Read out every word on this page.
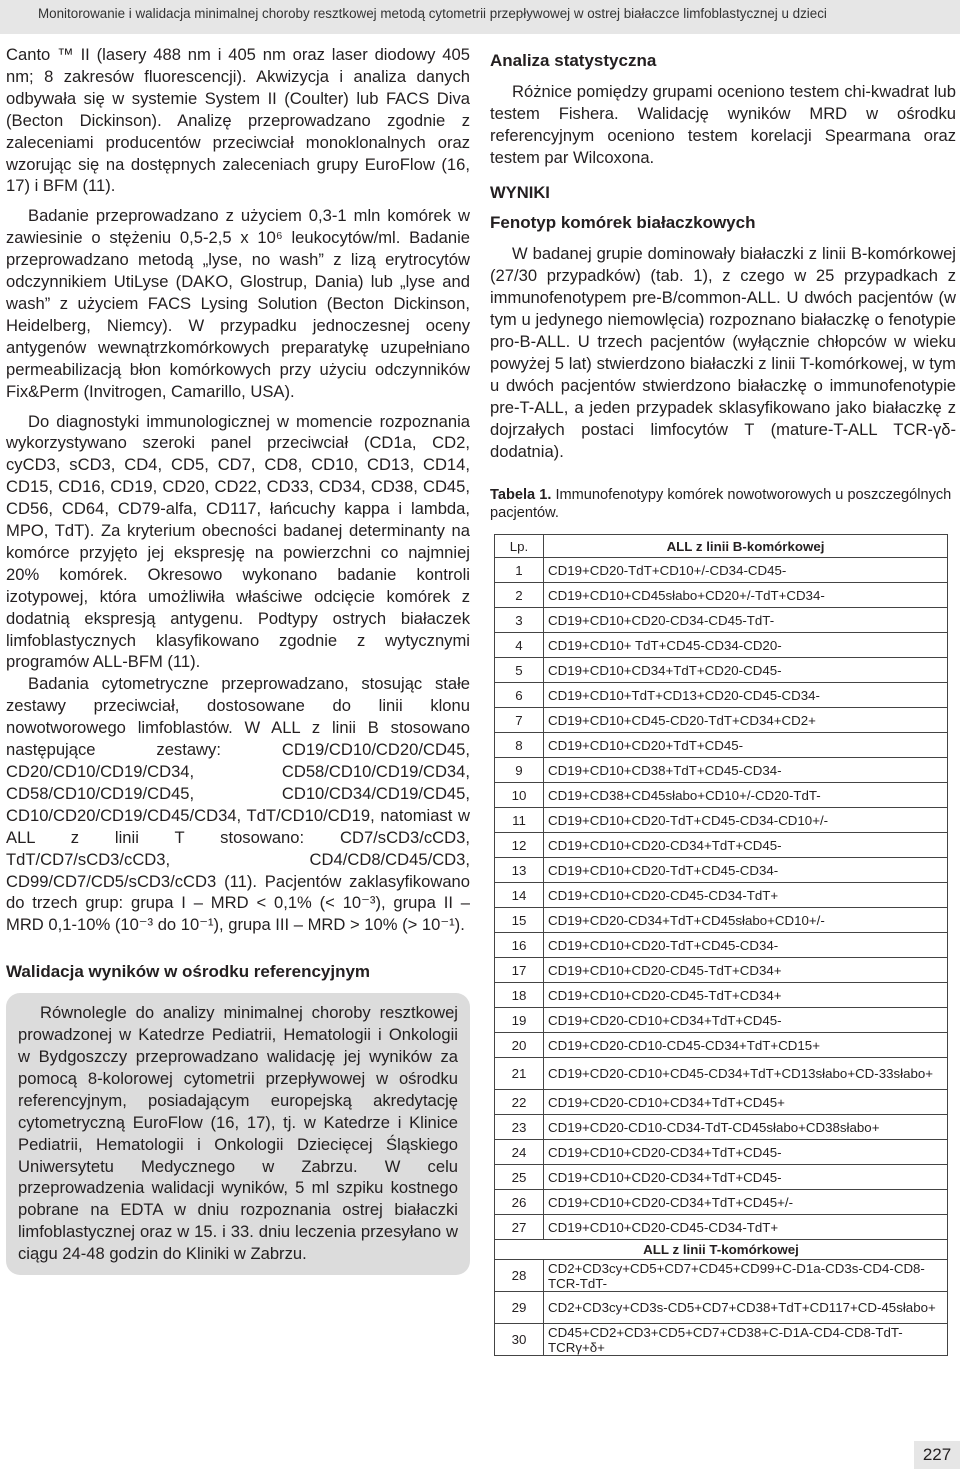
Monitorowanie i walidacja minimalnej choroby resztkowej metodą cytometrii przepływowej w ostrej białaczce limfoblastycznej u dzieci

Canto ™ II (lasery 488 nm i 405 nm oraz laser diodowy 405 nm; 8 zakresów fluorescencji). Akwizycja i analiza danych odbywała się w systemie System II (Coulter) lub FACS Diva (Becton Dickinson). Analizę przeprowadzano zgodnie z zaleceniami producentów przeciwciał monoklonalnych oraz wzorując się na dostępnych zaleceniach grupy EuroFlow (16, 17) i BFM (11).

Badanie przeprowadzano z użyciem 0,3-1 mln komórek w zawiesinie o stężeniu 0,5-2,5 x 10⁶ leukocytów/ml. Badanie przeprowadzano metodą „lyse, no wash” z lizą erytrocytów odczynnikiem UtiLyse (DAKO, Glostrup, Dania) lub „lyse and wash” z użyciem FACS Lysing Solution (Becton Dickinson, Heidelberg, Niemcy). W przypadku jednoczesnej oceny antygenów wewnątrzkomórkowych preparatykę uzupełniano permeabilizacją błon komórkowych przy użyciu odczynników Fix&Perm (Invitrogen, Camarillo, USA).

Do diagnostyki immunologicznej w momencie rozpoznania wykorzystywano szeroki panel przeciwciał (CD1a, CD2, cyCD3, sCD3, CD4, CD5, CD7, CD8, CD10, CD13, CD14, CD15, CD16, CD19, CD20, CD22, CD33, CD34, CD38, CD45, CD56, CD64, CD79-alfa, CD117, łańcuchy kappa i lambda, MPO, TdT). Za kryterium obecności badanej determinanty na komórce przyjęto jej ekspresję na powierzchni co najmniej 20% komórek. Okresowo wykonano badanie kontroli izotypowej, która umożliwiła właściwe odcięcie komórek z dodatnią ekspresją antygenu. Podtypy ostrych białaczek limfoblastycznych klasyfikowano zgodnie z wytycznymi programów ALL-BFM (11).

Badania cytometryczne przeprowadzano, stosując stałe zestawy przeciwciał, dostosowane do linii klonu nowotworowego limfoblastów. W ALL z linii B stosowano następujące zestawy: CD19/CD10/CD20/CD45, CD20/CD10/CD19/CD34, CD58/CD10/CD19/CD34, CD58/CD10/CD19/CD45, CD10/CD34/CD19/CD45, CD10/CD20/CD19/CD45/CD34, TdT/CD10/CD19, natomiast w ALL z linii T stosowano: CD7/sCD3/cCD3, TdT/CD7/sCD3/cCD3, CD4/CD8/CD45/CD3, CD99/CD7/CD5/sCD3/cCD3 (11). Pacjentów zaklasyfikowano do trzech grup: grupa I – MRD < 0,1% (< 10⁻³), grupa II – MRD 0,1-10% (10⁻³ do 10⁻¹), grupa III – MRD > 10% (> 10⁻¹).

Walidacja wyników w ośrodku referencyjnym

Równolegle do analizy minimalnej choroby resztkowej prowadzonej w Katedrze Pediatrii, Hematologii i Onkologii w Bydgoszczy przeprowadzano walidację jej wyników za pomocą 8-kolorowej cytometrii przepływowej w ośrodku referencyjnym, posiadającym europejską akredytację cytometryczną EuroFlow (16, 17), tj. w Katedrze i Klinice Pediatrii, Hematologii i Onkologii Dziecięcej Śląskiego Uniwersytetu Medycznego w Zabrzu. W celu przeprowadzenia walidacji wyników, 5 ml szpiku kostnego pobrane na EDTA w dniu rozpoznania ostrej białaczki limfoblastycznej oraz w 15. i 33. dniu leczenia przesyłano w ciągu 24-48 godzin do Kliniki w Zabrzu.

Analiza statystyczna

Różnice pomiędzy grupami oceniono testem chi-kwadrat lub testem Fishera. Walidację wyników MRD w ośrodku referencyjnym oceniono testem korelacji Spearmana oraz testem par Wilcoxona.

WYNIKI
Fenotyp komórek białaczkowych

W badanej grupie dominowały białaczki z linii B-komórkowej (27/30 przypadków) (tab. 1), z czego w 25 przypadkach z immunofenotypem pre-B/common-ALL. U dwóch pacjentów (w tym u jedynego niemowlęcia) rozpoznano białaczkę o fenotypie pro-B-ALL. U trzech pacjentów (wyłącznie chłopców w wieku powyżej 5 lat) stwierdzono białaczki z linii T-komórkowej, w tym u dwóch pacjentów stwierdzono białaczkę o immunofenotypie pre-T-ALL, a jeden przypadek sklasyfikowano jako białaczkę z dojrzałych postaci limfocytów T (mature-T-ALL TCR-γδ-dodatnia).

Tabela 1. Immunofenotypy komórek nowotworowych u poszczególnych pacjentów.
Lp.	ALL z linii B-komórkowej
1	CD19+CD20-TdT+CD10+/-CD34-CD45-
2	CD19+CD10+CD45słabo+CD20+/-TdT+CD34-
3	CD19+CD10+CD20-CD34-CD45-TdT-
4	CD19+CD10+ TdT+CD45-CD34-CD20-
5	CD19+CD10+CD34+TdT+CD20-CD45-
6	CD19+CD10+TdT+CD13+CD20-CD45-CD34-
7	CD19+CD10+CD45-CD20-TdT+CD34+CD2+
8	CD19+CD10+CD20+TdT+CD45-
9	CD19+CD10+CD38+TdT+CD45-CD34-
10	CD19+CD38+CD45słabo+CD10+/-CD20-TdT-
11	CD19+CD10+CD20-TdT+CD45-CD34-CD10+/-
12	CD19+CD10+CD20-CD34+TdT+CD45-
13	CD19+CD10+CD20-TdT+CD45-CD34-
14	CD19+CD10+CD20-CD45-CD34-TdT+
15	CD19+CD20-CD34+TdT+CD45słabo+CD10+/-
16	CD19+CD10+CD20-TdT+CD45-CD34-
17	CD19+CD10+CD20-CD45-TdT+CD34+
18	CD19+CD10+CD20-CD45-TdT+CD34+
19	CD19+CD20-CD10+CD34+TdT+CD45-
20	CD19+CD20-CD10-CD45-CD34+TdT+CD15+
21	CD19+CD20-CD10+CD45-CD34+TdT+CD13słabo+CD-33słabo+
22	CD19+CD20-CD10+CD34+TdT+CD45+
23	CD19+CD20-CD10-CD34-TdT-CD45słabo+CD38słabo+
24	CD19+CD10+CD20-CD34+TdT+CD45-
25	CD19+CD10+CD20-CD34+TdT+CD45-
26	CD19+CD10+CD20-CD34+TdT+CD45+/-
27	CD19+CD10+CD20-CD45-CD34-TdT+
ALL z linii T-komórkowej	
28	CD2+CD3cy+CD5+CD7+CD45+CD99+C-D1a-CD3s-CD4-CD8-TCR-TdT-
29	CD2+CD3cy+CD3s-CD5+CD7+CD38+TdT+CD117+CD-45słabo+
30	CD45+CD2+CD3+CD5+CD7+CD38+C-D1A-CD4-CD8-TdT-TCRγ+δ+
227
